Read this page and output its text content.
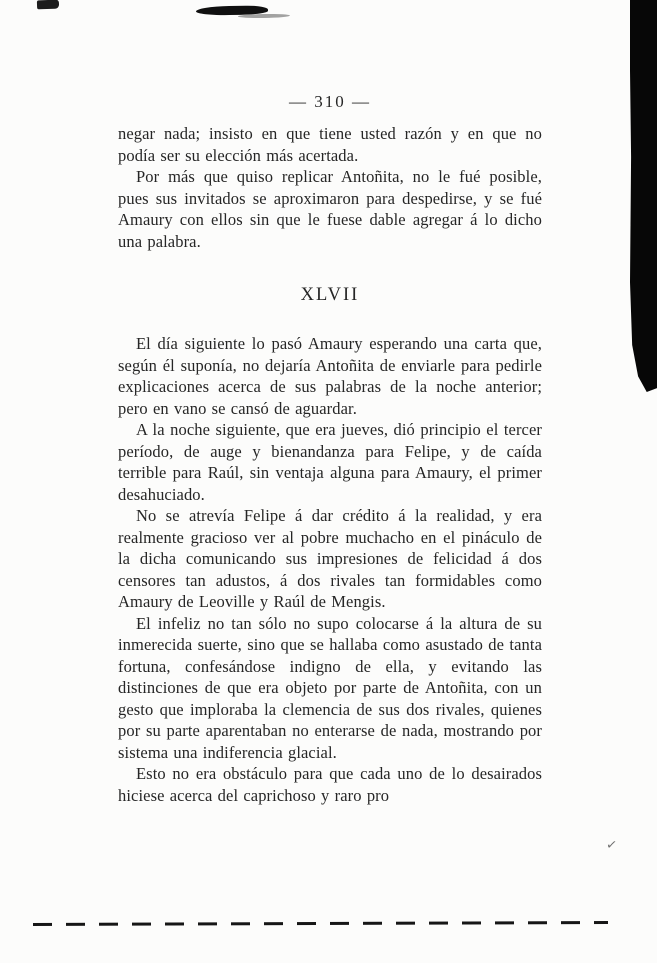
— 310 —

negar nada; insisto en que tiene usted razón y en que no podía ser su elección más acertada.

Por más que quiso replicar Antoñita, no le fué posible, pues sus invitados se aproximaron para despedirse, y se fué Amaury con ellos sin que le fuese dable agregar á lo dicho una palabra.

XLVII

El día siguiente lo pasó Amaury esperando una carta que, según él suponía, no dejaría Antoñita de enviarle para pedirle explicaciones acerca de sus palabras de la noche anterior; pero en vano se cansó de aguardar.

A la noche siguiente, que era jueves, dió principio el tercer período, de auge y bienandanza para Felipe, y de caída terrible para Raúl, sin ventaja alguna para Amaury, el primer desahuciado.

No se atrevía Felipe á dar crédito á la realidad, y era realmente gracioso ver al pobre muchacho en el pináculo de la dicha comunicando sus impresiones de felicidad á dos censores tan adustos, á dos rivales tan formidables como Amaury de Leoville y Raúl de Mengis.

El infeliz no tan sólo no supo colocarse á la altura de su inmerecida suerte, sino que se hallaba como asustado de tanta fortuna, confesándose indigno de ella, y evitando las distinciones de que era objeto por parte de Antoñita, con un gesto que imploraba la clemencia de sus dos rivales, quienes por su parte aparentaban no enterarse de nada, mostrando por sistema una indiferencia glacial.

Esto no era obstáculo para que cada uno de lo desairados hiciese acerca del caprichoso y raro pro

✓
